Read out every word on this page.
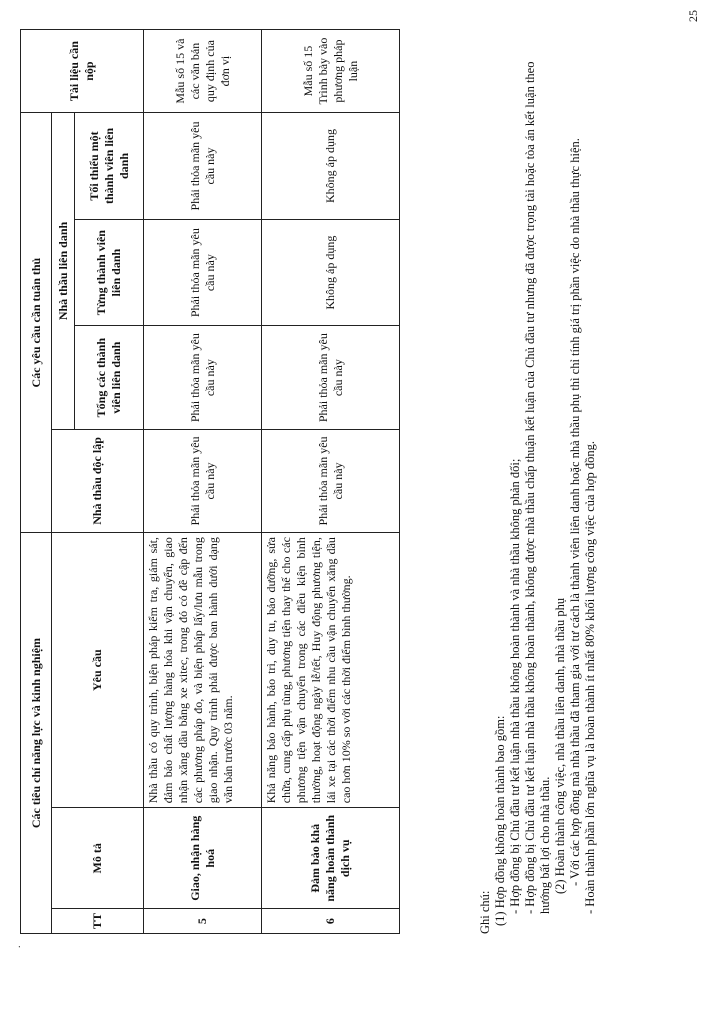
.
Các tiêu chí năng lực và kinh nghiệm			Các yêu cầu cần tuân thủ				Tài liệu cần nộp
TT	Mô tả	Yêu cầu	Nhà thầu độc lập	Nhà thầu liên danh			
				Tổng các thành viên liên danh	Từng thành viên liên danh	Tối thiểu một thành viên liên danh	
5	Giao, nhận hàng hoá	Nhà thầu có quy trình, biện pháp kiểm tra, giám sát, đảm bảo chất lượng hàng hóa khi vận chuyển, giao nhận xăng dầu bằng xe xitec, trong đó có đề cập đến các phương pháp đo, và biện pháp lấy/lưu mẫu trong giao nhận. Quy trình phải được ban hành dưới dạng văn bản trước 03 năm.	Phải thỏa mãn yêu cầu này	Phải thỏa mãn yêu cầu này	Phải thỏa mãn yêu cầu này	Phải thỏa mãn yêu cầu này	Mẫu số 15 và các văn bản quy định của đơn vị
6	Đảm bảo khả năng hoàn thành dịch vụ	Khả năng bảo hành, bảo trì, duy tu, bảo dưỡng, sửa chữa, cung cấp phụ tùng, phương tiện thay thế cho các phương tiện vận chuyển trong các điều kiện bình thường, hoạt động ngày lễ/tết, Huy động phương tiện, lái xe tại các thời điểm nhu cầu vận chuyển xăng dầu cao hơn 10% so với các thời điểm bình thường.	Phải thỏa mãn yêu cầu này	Phải thỏa mãn yêu cầu này	Không áp dụng	Không áp dụng	Mẫu số 15 Trình bày vào phương pháp luận
Ghi chú: (1) Hợp đồng không hoàn thành bao gồm: - Hợp đồng bị Chủ đầu tư kết luận nhà thầu không hoàn thành và nhà thầu không phản đối; - Hợp đồng bị Chủ đầu tư kết luận nhà thầu không hoàn thành, không được nhà thầu chấp thuận kết luận của Chủ đầu tư nhưng đã được trọng tài hoặc tòa án kết luận theo hướng bất lợi cho nhà thầu. (2) Hoàn thành công việc, nhà thầu liên danh, nhà thầu phụ - Với các hợp đồng mà nhà thầu đã tham gia với tư cách là thành viên liên danh hoặc nhà thầu phụ thì chỉ tính giá trị phần việc do nhà thầu thực hiện. - Hoàn thành phần lớn nghĩa vụ là hoàn thành ít nhất 80% khối lượng công việc của hợp đồng.
25
